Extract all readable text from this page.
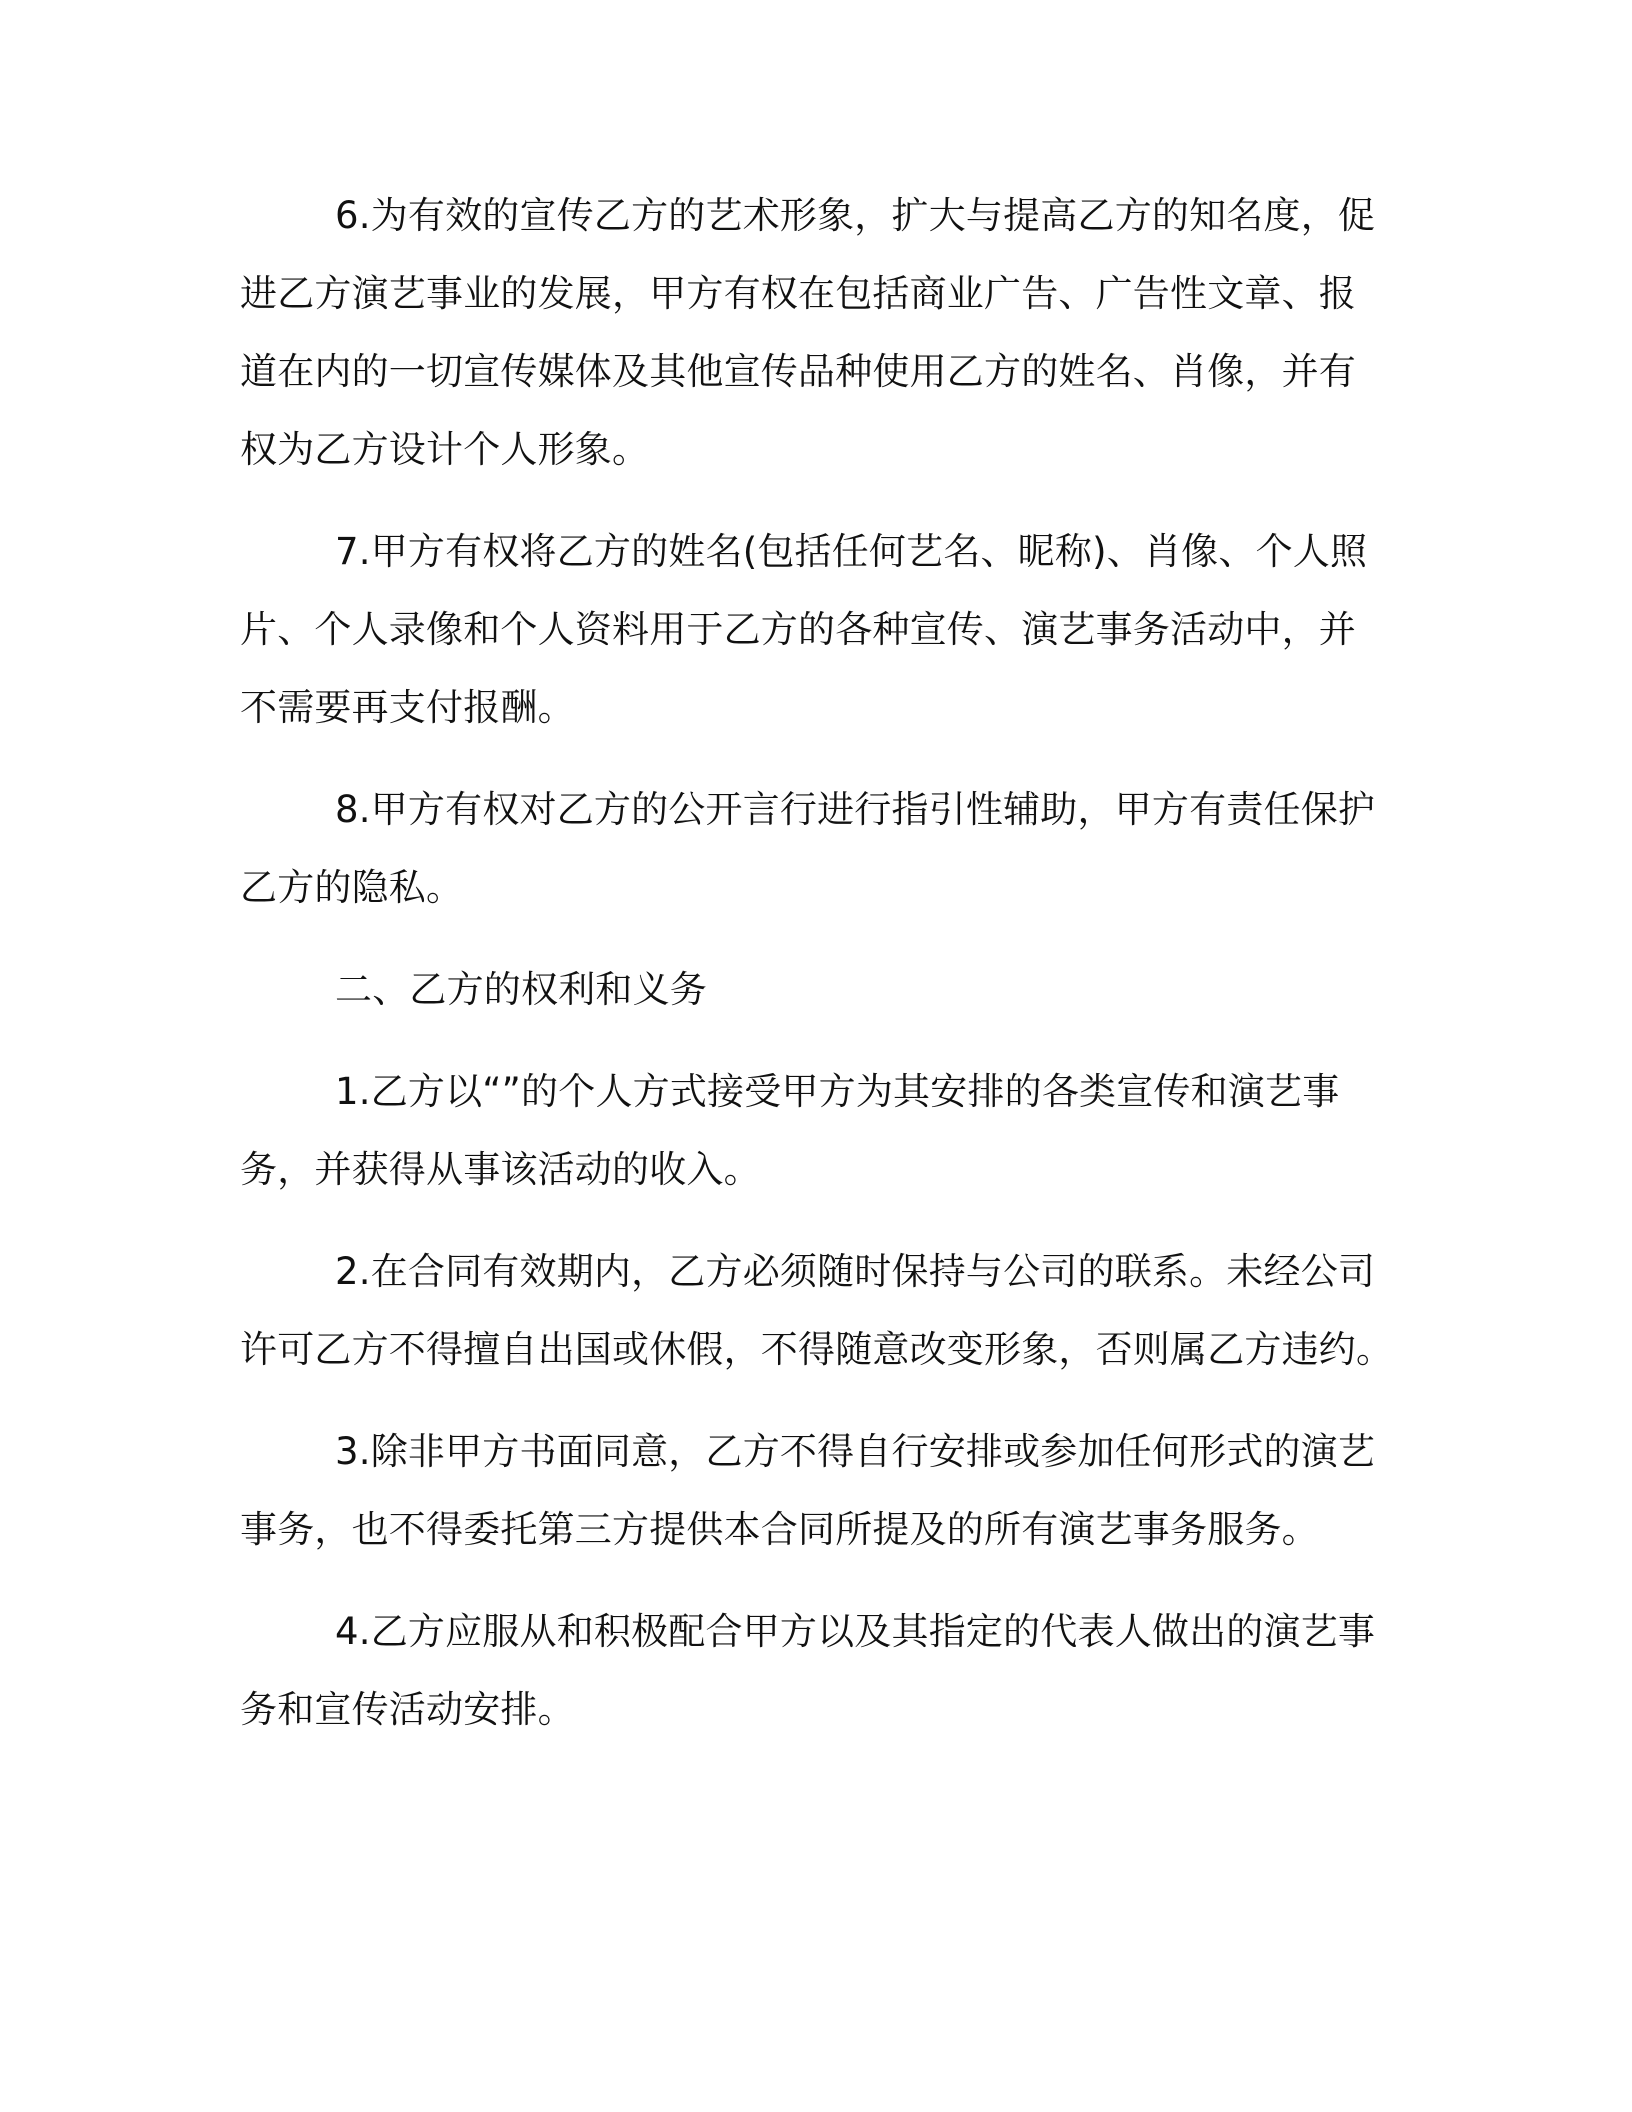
6.为有效的宣传乙方的艺术形象，扩大与提高乙方的知名度，促
进乙方演艺事业的发展，甲方有权在包括商业广告、广告性文章、报
道在内的一切宣传媒体及其他宣传品种使用乙方的姓名、肖像，并有
权为乙方设计个人形象。
7.甲方有权将乙方的姓名(包括任何艺名、昵称)、肖像、个人照
片、个人录像和个人资料用于乙方的各种宣传、演艺事务活动中，并
不需要再支付报酬。
8.甲方有权对乙方的公开言行进行指引性辅助，甲方有责任保护
乙方的隐私。
二、乙方的权利和义务
1.乙方以“”的个人方式接受甲方为其安排的各类宣传和演艺事
务，并获得从事该活动的收入。
2.在合同有效期内，乙方必须随时保持与公司的联系。未经公司
许可乙方不得擅自出国或休假，不得随意改变形象，否则属乙方违约。
3.除非甲方书面同意，乙方不得自行安排或参加任何形式的演艺
事务，也不得委托第三方提供本合同所提及的所有演艺事务服务。
4.乙方应服从和积极配合甲方以及其指定的代表人做出的演艺事
务和宣传活动安排。
